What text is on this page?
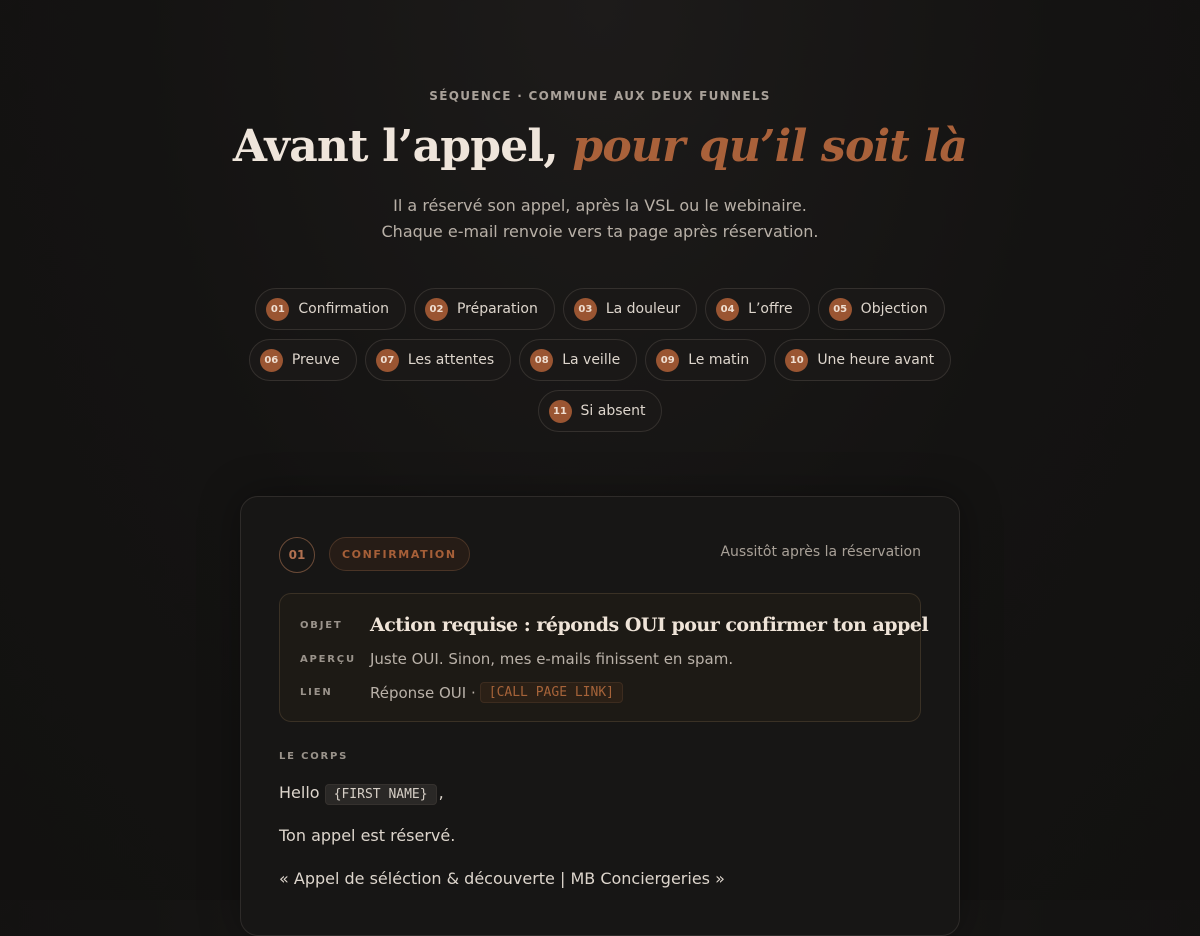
SÉQUENCE · COMMUNE AUX DEUX FUNNELS
Avant l’appel, pour qu’il soit là
Il a réservé son appel, après la VSL ou le webinaire.
Chaque e-mail renvoie vers ta page après réservation.
01 Confirmation	02 Préparation	03 La douleur	04 L’offre	05 Objection
06 Preuve	07 Les attentes	08 La veille	09 Le matin	10 Une heure avant
11 Si absent
01	CONFIRMATION	Aussitôt après la réservation
OBJET	Action requise : réponds OUI pour confirmer ton appel
APERÇU Juste OUI. Sinon, mes e-mails finissent en spam.
LIEN	Réponse OUI ·	[CALL PAGE LINK]
LE CORPS
Hello {FIRST NAME} ,
Ton appel est réservé.
« Appel de séléction & découverte | MB Conciergeries »
